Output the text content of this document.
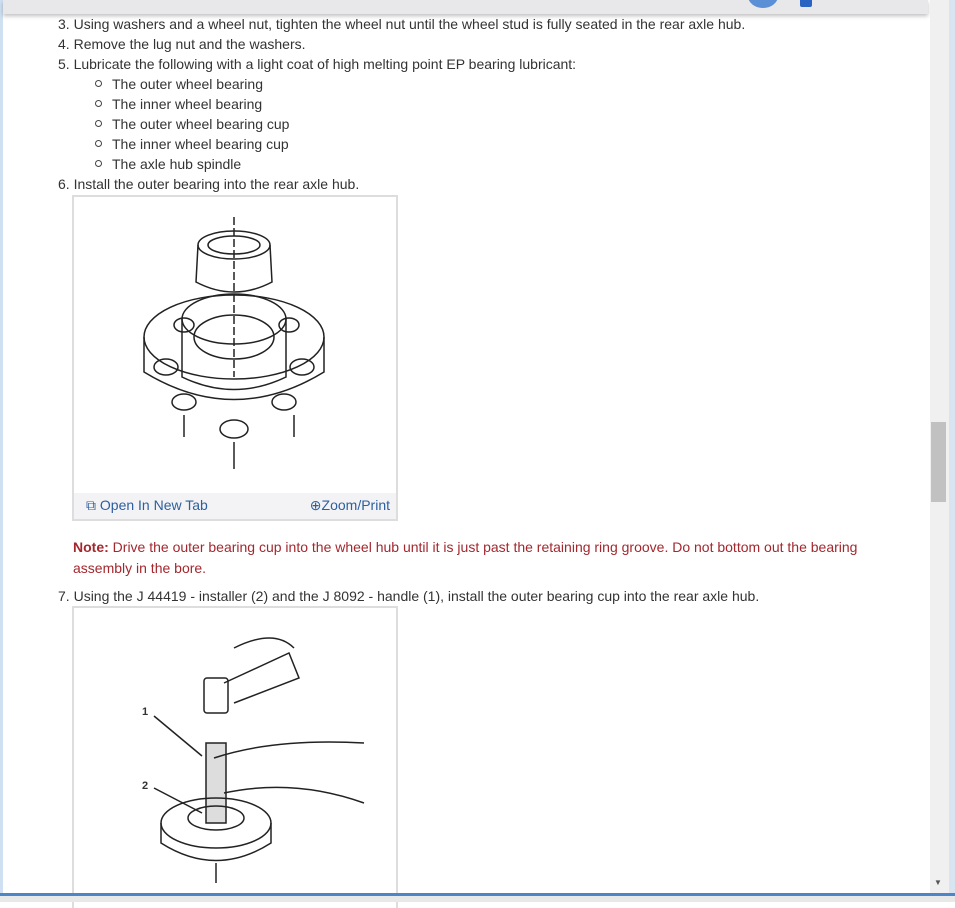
3. Using washers and a wheel nut, tighten the wheel nut until the wheel stud is fully seated in the rear axle hub.
4. Remove the lug nut and the washers.
5. Lubricate the following with a light coat of high melting point EP bearing lubricant:
The outer wheel bearing
The inner wheel bearing
The outer wheel bearing cup
The inner wheel bearing cup
The axle hub spindle
6. Install the outer bearing into the rear axle hub.
⧉ Open In New Tab	⊕Zoom/Print
Note: Drive the outer bearing cup into the wheel hub until it is just past the retaining ring groove. Do not bottom out the bearing assembly in the bore.
7. Using the J 44419 - installer (2) and the J 8092 - handle (1), install the outer bearing cup into the rear axle hub.
1
2
▼
